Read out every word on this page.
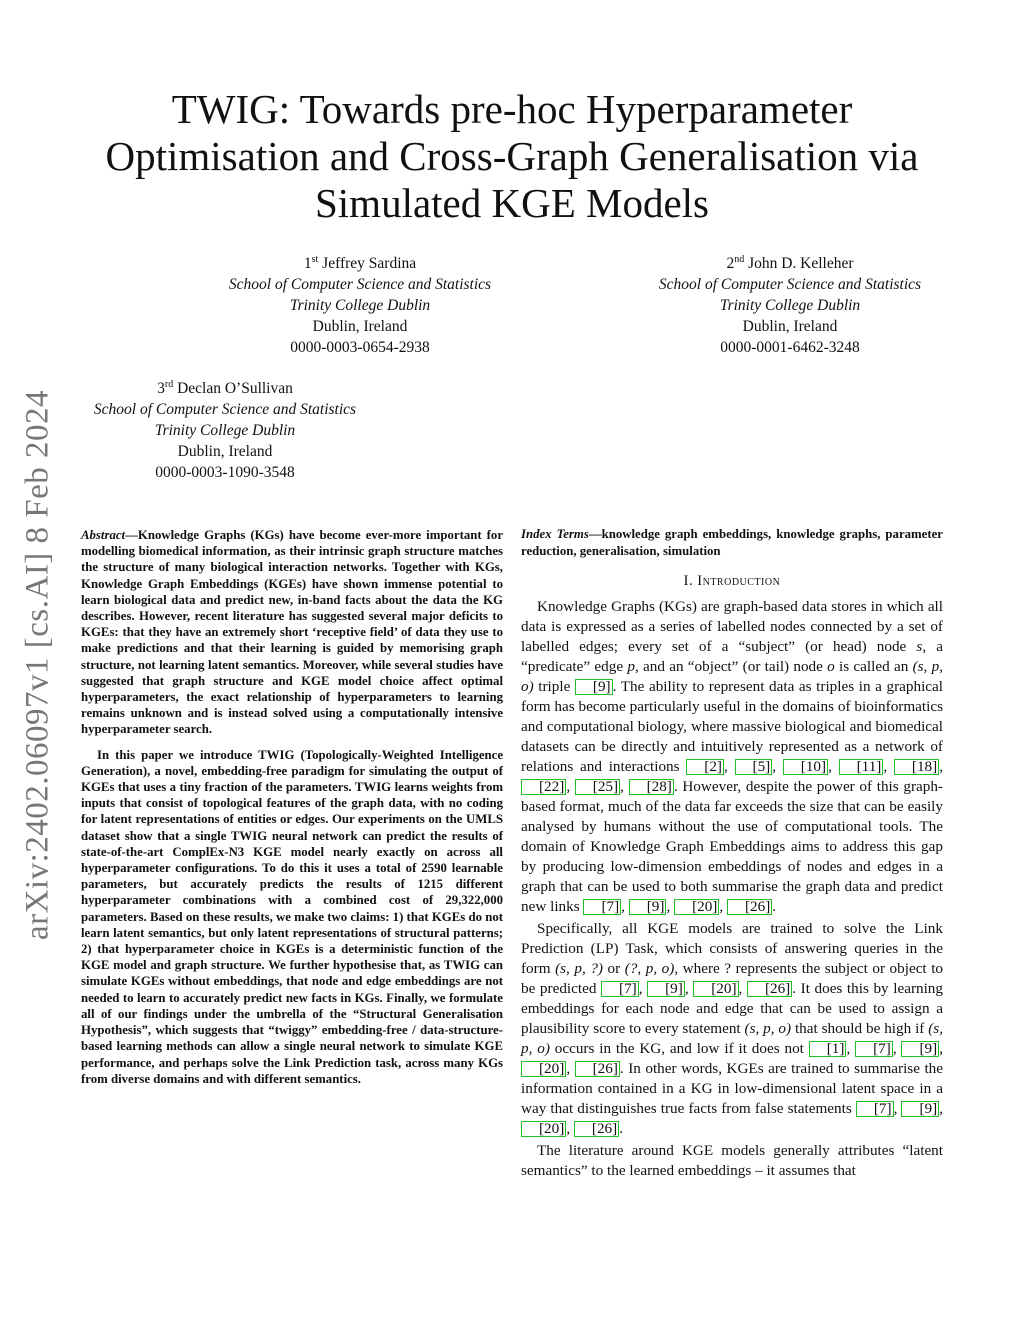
TWIG: Towards pre-hoc Hyperparameter Optimisation and Cross-Graph Generalisation via Simulated KGE Models
arXiv:2402.06097v1 [cs.AI] 8 Feb 2024
1st Jeffrey Sardina
School of Computer Science and Statistics
Trinity College Dublin
Dublin, Ireland
0000-0003-0654-2938
2nd John D. Kelleher
School of Computer Science and Statistics
Trinity College Dublin
Dublin, Ireland
0000-0001-6462-3248
3rd Declan O’Sullivan
School of Computer Science and Statistics
Trinity College Dublin
Dublin, Ireland
0000-0003-1090-3548

Abstract—Knowledge Graphs (KGs) have become ever-more important for modelling biomedical information, as their intrinsic graph structure matches the structure of many biological interaction networks. Together with KGs, Knowledge Graph Embeddings (KGEs) have shown immense potential to learn biological data and predict new, in-band facts about the data the KG describes. However, recent literature has suggested several major deficits to KGEs: that they have an extremely short ‘receptive field’ of data they use to make predictions and that their learning is guided by memorising graph structure, not learning latent semantics. Moreover, while several studies have suggested that graph structure and KGE model choice affect optimal hyperparameters, the exact relationship of hyperparameters to learning remains unknown and is instead solved using a computationally intensive hyperparameter search.

In this paper we introduce TWIG (Topologically-Weighted Intelligence Generation), a novel, embedding-free paradigm for simulating the output of KGEs that uses a tiny fraction of the parameters. TWIG learns weights from inputs that consist of topological features of the graph data, with no coding for latent representations of entities or edges. Our experiments on the UMLS dataset show that a single TWIG neural network can predict the results of state-of-the-art ComplEx-N3 KGE model nearly exactly on across all hyperparameter configurations. To do this it uses a total of 2590 learnable parameters, but accurately predicts the results of 1215 different hyperparameter combinations with a combined cost of 29,322,000 parameters. Based on these results, we make two claims: 1) that KGEs do not learn latent semantics, but only latent representations of structural patterns; 2) that hyperparameter choice in KGEs is a deterministic function of the KGE model and graph structure. We further hypothesise that, as TWIG can simulate KGEs without embeddings, that node and edge embeddings are not needed to learn to accurately predict new facts in KGs. Finally, we formulate all of our findings under the umbrella of the “Structural Generalisation Hypothesis”, which suggests that “twiggy” embedding-free / data-structure-based learning methods can allow a single neural network to simulate KGE performance, and perhaps solve the Link Prediction task, across many KGs from diverse domains and with different semantics.

Index Terms—knowledge graph embeddings, knowledge graphs, parameter reduction, generalisation, simulation

I. Introduction

Knowledge Graphs (KGs) are graph-based data stores in which all data is expressed as a series of labelled nodes connected by a set of labelled edges; every set of a “subject” (or head) node s, a “predicate” edge p, and an “object” (or tail) node o is called an (s, p, o) triple [9] . The ability to represent data as triples in a graphical form has become particularly useful in the domains of bioinformatics and computational biology, where massive biological and biomedical datasets can be directly and intuitively represented as a network of relations and interactions [2] , [5] , [10] , [11] , [18] , [22] , [25] , [28] . However, despite the power of this graph-based format, much of the data far exceeds the size that can be easily analysed by humans without the use of computational tools. The domain of Knowledge Graph Embeddings aims to address this gap by producing low-dimension embeddings of nodes and edges in a graph that can be used to both summarise the graph data and predict new links [7] , [9] , [20] , [26] .

Specifically, all KGE models are trained to solve the Link Prediction (LP) Task, which consists of answering queries in the form (s, p, ?) or (?, p, o), where ? represents the subject or object to be predicted [7] , [9] , [20] , [26] . It does this by learning embeddings for each node and edge that can be used to assign a plausibility score to every statement (s, p, o) that should be high if (s, p, o) occurs in the KG, and low if it does not [1] , [7] , [9] , [20] , [26] . In other words, KGEs are trained to summarise the information contained in a KG in low-dimensional latent space in a way that distinguishes true facts from false statements [7] , [9] , [20] , [26] .

The literature around KGE models generally attributes “latent semantics” to the learned embeddings – it assumes that
